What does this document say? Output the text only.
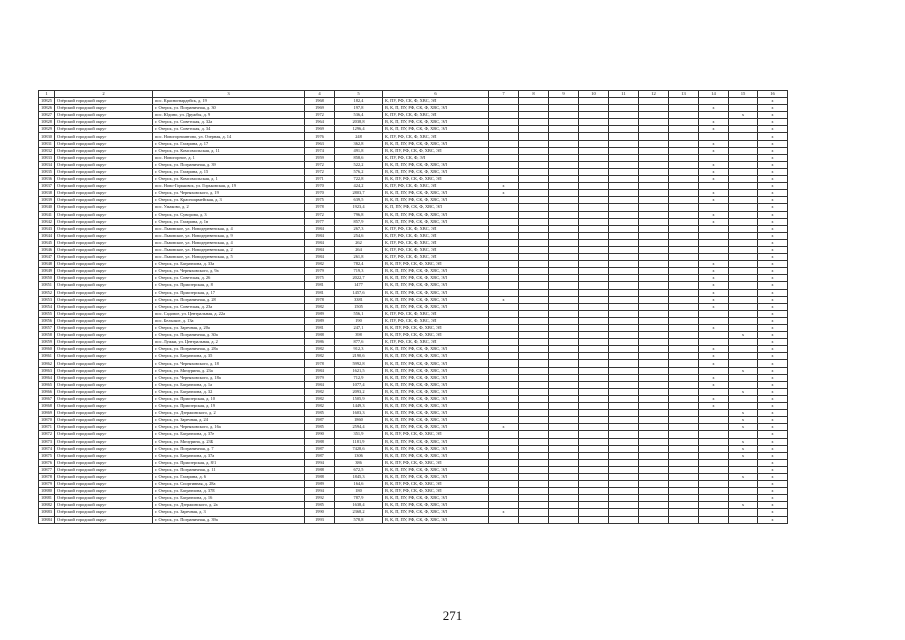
1	2	3	4	5	6	7	8	9	10	11	12	13	14	15	16
10825	Озёрский городской округ	пос. Красногвардейск, д. 19	1968	182,4	К, ПУ, РФ, СК, Ф, ХВС, ЭЛ										х
10826	Озёрский городской округ	г. Озерск, ул. Пограничная, д. 30	1969	197,8	В, К, П, ПУ, РФ, СК, Ф, ХВС, ЭЛ								х		х
10827	Озёрский городской округ	пос. Юдино, ул. Дружбы, д. 9	1972	536,4	К, ПУ, РФ, СК, Ф, ХВС, ЭЛ									х	х
10828	Озёрский городской округ	г. Озерск, ул. Советская, д. 32а	1964	2038,8	В, К, П, ПУ, РФ, СК, Ф, ХВС, ЭЛ								х		х
10829	Озёрский городской округ	г. Озерск, ул. Советская, д. 34	1969	1296,4	В, К, П, ПУ, РФ, СК, Ф, ХВС, ЭЛ								х		х
10830	Озёрский городской округ	пос. Новогорноавтово, ул. Озерная, д. 14	1976	248	К, ПУ, РФ, СК, Ф, ХВС, ЭЛ										х
10831	Озёрский городской округ	г. Озерск, ул. Гагарина, д. 17	1963	362,8	В, К, П, ПУ, РФ, СК, Ф, ХВС, ЭЛ								х		х
10832	Озёрский городской округ	г. Озерск, ул. Комсомольская, д. 11	1974	491,8	В, К, ПУ, РФ, СК, Ф, ХВС, ЭЛ								х		х
10833	Озёрский городской округ	пос. Новогорное, д. 1	1959	858,6	К, ПУ, РФ, СК, Ф, ЭЛ										х
10834	Озёрский городской округ	г. Озерск, ул. Пограничная, д. 39	1972	522,2	В, К, П, ПУ, РФ, СК, Ф, ХВС, ЭЛ								х		х
10835	Озёрский городской округ	г. Озерск, ул. Гагарина, д. 15	1972	576,2	В, К, П, ПУ, РФ, СК, Ф, ХВС, ЭЛ								х		х
10836	Озёрский городской округ	г. Озерск, ул. Комсомольская, д. 1	1971	722,8	В, К, ПУ, РФ, СК, Ф, ХВС, ЭЛ								х		х
10837	Озёрский городской округ	пос. Ново-Горьковск, ул. Горьковская, д. 19	1970	424,2	К, ПУ, РФ, СК, Ф, ХВС, ЭЛ	х									х
10838	Озёрский городской округ	г. Озерск, ул. Черняховского, д. 19	1970	2803,7	В, К, П, ПУ, РФ, СК, Ф, ХВС, ЭЛ	х							х		х
10839	Озёрский городской округ	г. Озерск, ул. Красноармейская, д. 3	1975	639,5	В, К, П, ПУ, РФ, СК, Ф, ХВС, ЭЛ								х		х
10840	Озёрский городской округ	пос. Ужаково, д. 2	1978	1923,4	К, П, ПУ, РФ, СК, Ф, ХВС, ЭЛ										х
10841	Озёрский городской округ	г. Озерск, ул. Суворова, д. 3	1972	796,8	В, К, П, ПУ, РФ, СК, Ф, ХВС, ЭЛ								х		х
10842	Озёрский городской округ	г. Озерск, ул. Гагарина, д. 1в	1977	857,9	В, К, П, ПУ, РФ, СК, Ф, ХВС, ЭЛ								х		х
10843	Озёрский городской округ	пос. Львовское, ул. Новодеревенская, д. 4	1984	267,3	К, ПУ, РФ, СК, Ф, ХВС, ЭЛ										х
10844	Озёрский городской округ	пос. Львовское, ул. Новодеревенская, д. 9	1984	254,6	К, ПУ, РФ, СК, Ф, ХВС, ЭЛ										х
10845	Озёрский городской округ	пос. Львовское, ул. Новодеревенская, д. 4	1984	262	К, ПУ, РФ, СК, Ф, ХВС, ЭЛ										х
10846	Озёрский городской округ	пос. Львовское, ул. Новодеревенская, д. 2	1984	264	К, ПУ, РФ, СК, Ф, ХВС, ЭЛ										х
10847	Озёрский городской округ	пос. Львовское, ул. Новодеревенская, д. 5	1984	261,8	К, ПУ, РФ, СК, Ф, ХВС, ЭЛ										х
10848	Озёрский городской округ	г. Озерск, ул. Багратиона, д. 33а	1982	782,4	В, К, ПУ, РФ, СК, Ф, ХВС, ЭЛ								х		х
10849	Озёрский городской округ	г. Озерск, ул. Черняховского, д. 9а	1979	719,3	В, К, П, ПУ, РФ, СК, Ф, ХВС, ЭЛ								х		х
10850	Озёрский городской округ	г. Озерск, ул. Советская, д. 26	1975	2022,7	В, К, П, ПУ, РФ, СК, Ф, ХВС, ЭЛ								х		х
10851	Озёрский городской округ	г. Озерск, ул. Приозерская, д. 8	1981	1477	В, К, П, ПУ, РФ, СК, Ф, ХВС, ЭЛ								х		х
10852	Озёрский городской округ	г. Озерск, ул. Приозерская, д. 17	1981	1457,6	В, К, П, ПУ, РФ, СК, Ф, ХВС, ЭЛ								х		х
10853	Озёрский городской округ	г. Озерск, ул. Пограничная, д. 28	1978	3381	В, К, П, ПУ, РФ, СК, Ф, ХВС, ЭЛ	х							х		х
10854	Озёрский городской округ	г. Озерск, ул. Советская, д. 23а	1982	1505	В, К, П, ПУ, РФ, СК, Ф, ХВС, ЭЛ								х		х
10855	Озёрский городской округ	пос. Садовое, ул. Центральная, д. 22а	1989	556,1	К, ПУ, РФ, СК, Ф, ХВС, ЭЛ										х
10856	Озёрский городской округ	пос. Бельское, д. 13а	1989	190	К, ПУ, РФ, СК, Ф, ХВС, ЭЛ										х
10857	Озёрский городской округ	г. Озерск, ул. Заречная, д. 20а	1981	247,1	В, К, ПУ, РФ, СК, Ф, ХВС, ЭЛ								х		х
10858	Озёрский городской округ	г. Озерск, ул. Пограничная, д. 30а	1988	398	В, К, ПУ, РФ, СК, Ф, ХВС, ЭЛ									х	х
10859	Озёрский городской округ	пос. Лужки, ул. Центральная, д. 2	1986	877,6	К, ПУ, РФ, СК, Ф, ХВС, ЭЛ										х
10860	Озёрский городской округ	г. Озерск, ул. Пограничная, д. 28а	1982	912,3	В, К, П, ПУ, РФ, СК, Ф, ХВС, ЭЛ								х		х
10861	Озёрский городской округ	г. Озерск, ул. Багратиона, д. 35	1982	2190,6	В, К, П, ПУ, РФ, СК, Ф, ХВС, ЭЛ								х		х
10862	Озёрский городской округ	г. Озерск, ул. Черняховского, д. 18	1978	5992,8	В, К, П, ПУ, РФ, СК, Ф, ХВС, ЭЛ								х		х
10863	Озёрский городской округ	г. Озерск, ул. Мичурина, д. 23а	1984	1621,5	В, К, П, ПУ, РФ, СК, Ф, ХВС, ЭЛ									х	х
10864	Озёрский городской округ	г. Озерск, ул. Черняховского, д. 18а	1979	712,9	В, К, П, ПУ, РФ, СК, Ф, ХВС, ЭЛ								х		х
10865	Озёрский городской округ	г. Озерск, ул. Багратиона, д. 1а	1984	1077,4	В, К, П, ПУ, РФ, СК, Ф, ХВС, ЭЛ								х		х
10866	Озёрский городской округ	г. Озерск, ул. Багратиона, д. 32	1982	2093,2	В, К, П, ПУ, РФ, СК, Ф, ХВС, ЭЛ									х	х
10867	Озёрский городской округ	г. Озерск, ул. Приозерская, д. 10	1982	1505,9	В, К, П, ПУ, РФ, СК, Ф, ХВС, ЭЛ								х		х
10868	Озёрский городской округ	г. Озерск, ул. Приозерская, д. 19	1982	1449,3	В, К, П, ПУ, РФ, СК, Ф, ХВС, ЭЛ								х		х
10869	Озёрский городской округ	г. Озерск, ул. Дзержинского, д. 2	1985	1603,3	В, К, П, ПУ, РФ, СК, Ф, ХВС, ЭЛ									х	х
10870	Озёрский городской округ	г. Озерск, ул. Заречная, д. 24	1987	1860	В, К, П, ПУ, РФ, СК, Ф, ХВС, ЭЛ									х	х
10871	Озёрский городской округ	г. Озерск, ул. Черняховского, д. 16а	1985	2594,4	В, К, П, ПУ, РФ, СК, Ф, ХВС, ЭЛ	х								х	х
10872	Озёрский городской округ	г. Озерск, ул. Багратиона, д. 37е	1990	351,9	В, К, ПУ, РФ, СК, Ф, ХВС, ЭЛ										х
10873	Озёрский городской округ	г. Озерск, ул. Мичурина, д. 23Б	1988	1181,9	В, К, П, ПУ, РФ, СК, Ф, ХВС, ЭЛ									х	х
10874	Озёрский городской округ	г. Озерск, ул. Пограничная, д. 7	1987	7428,6	В, К, П, ПУ, РФ, СК, Ф, ХВС, ЭЛ									х	х
10875	Озёрский городской округ	г. Озерск, ул. Багратиона, д. 37а	1987	1306	В, К, П, ПУ, РФ, СК, Ф, ХВС, ЭЛ									х	х
10876	Озёрский городской округ	г. Озерск, ул. Приозерская, д. 8/1	1994	386	В, К, ПУ, РФ, СК, Ф, ХВС, ЭЛ										х
10877	Озёрский городской округ	г. Озерск, ул. Пограничная, д. 11	1988	672,5	В, К, П, ПУ, РФ, СК, Ф, ХВС, ЭЛ										х
10878	Озёрский городской округ	г. Озерск, ул. Гагарина, д. 6	1988	1845,3	В, К, П, ПУ, РФ, СК, Ф, ХВС, ЭЛ									х	х
10879	Озёрский городской округ	г. Озерск, ул. Спортивная, д. 28а	1989	164,6	В, К, ПУ, РФ, СК, Ф, ХВС, ЭЛ										х
10880	Озёрский городской округ	г. Озерск, ул. Багратиона, д. 37Е	1994	180	В, К, ПУ, РФ, СК, Ф, ХВС, ЭЛ										х
10881	Озёрский городской округ	г. Озерск, ул. Багратиона, д. 16	1992	787,9	В, К, П, ПУ, РФ, СК, Ф, ХВС, ЭЛ										х
10882	Озёрский городской округ	г. Озерск, ул. Дзержинского, д. 2а	1985	1638,4	В, К, П, ПУ, РФ, СК, Ф, ХВС, ЭЛ									х	х
10883	Озёрский городской округ	г. Озерск, ул. Заречная, д. 3	1990	2368,2	В, К, П, ПУ, РФ, СК, Ф, ХВС, ЭЛ	х									х
10884	Озёрский городской округ	г. Озерск, ул. Пограничная, д. 39а	1993	578,8	В, К, П, ПУ, РФ, СК, Ф, ХВС, ЭЛ										х
271
